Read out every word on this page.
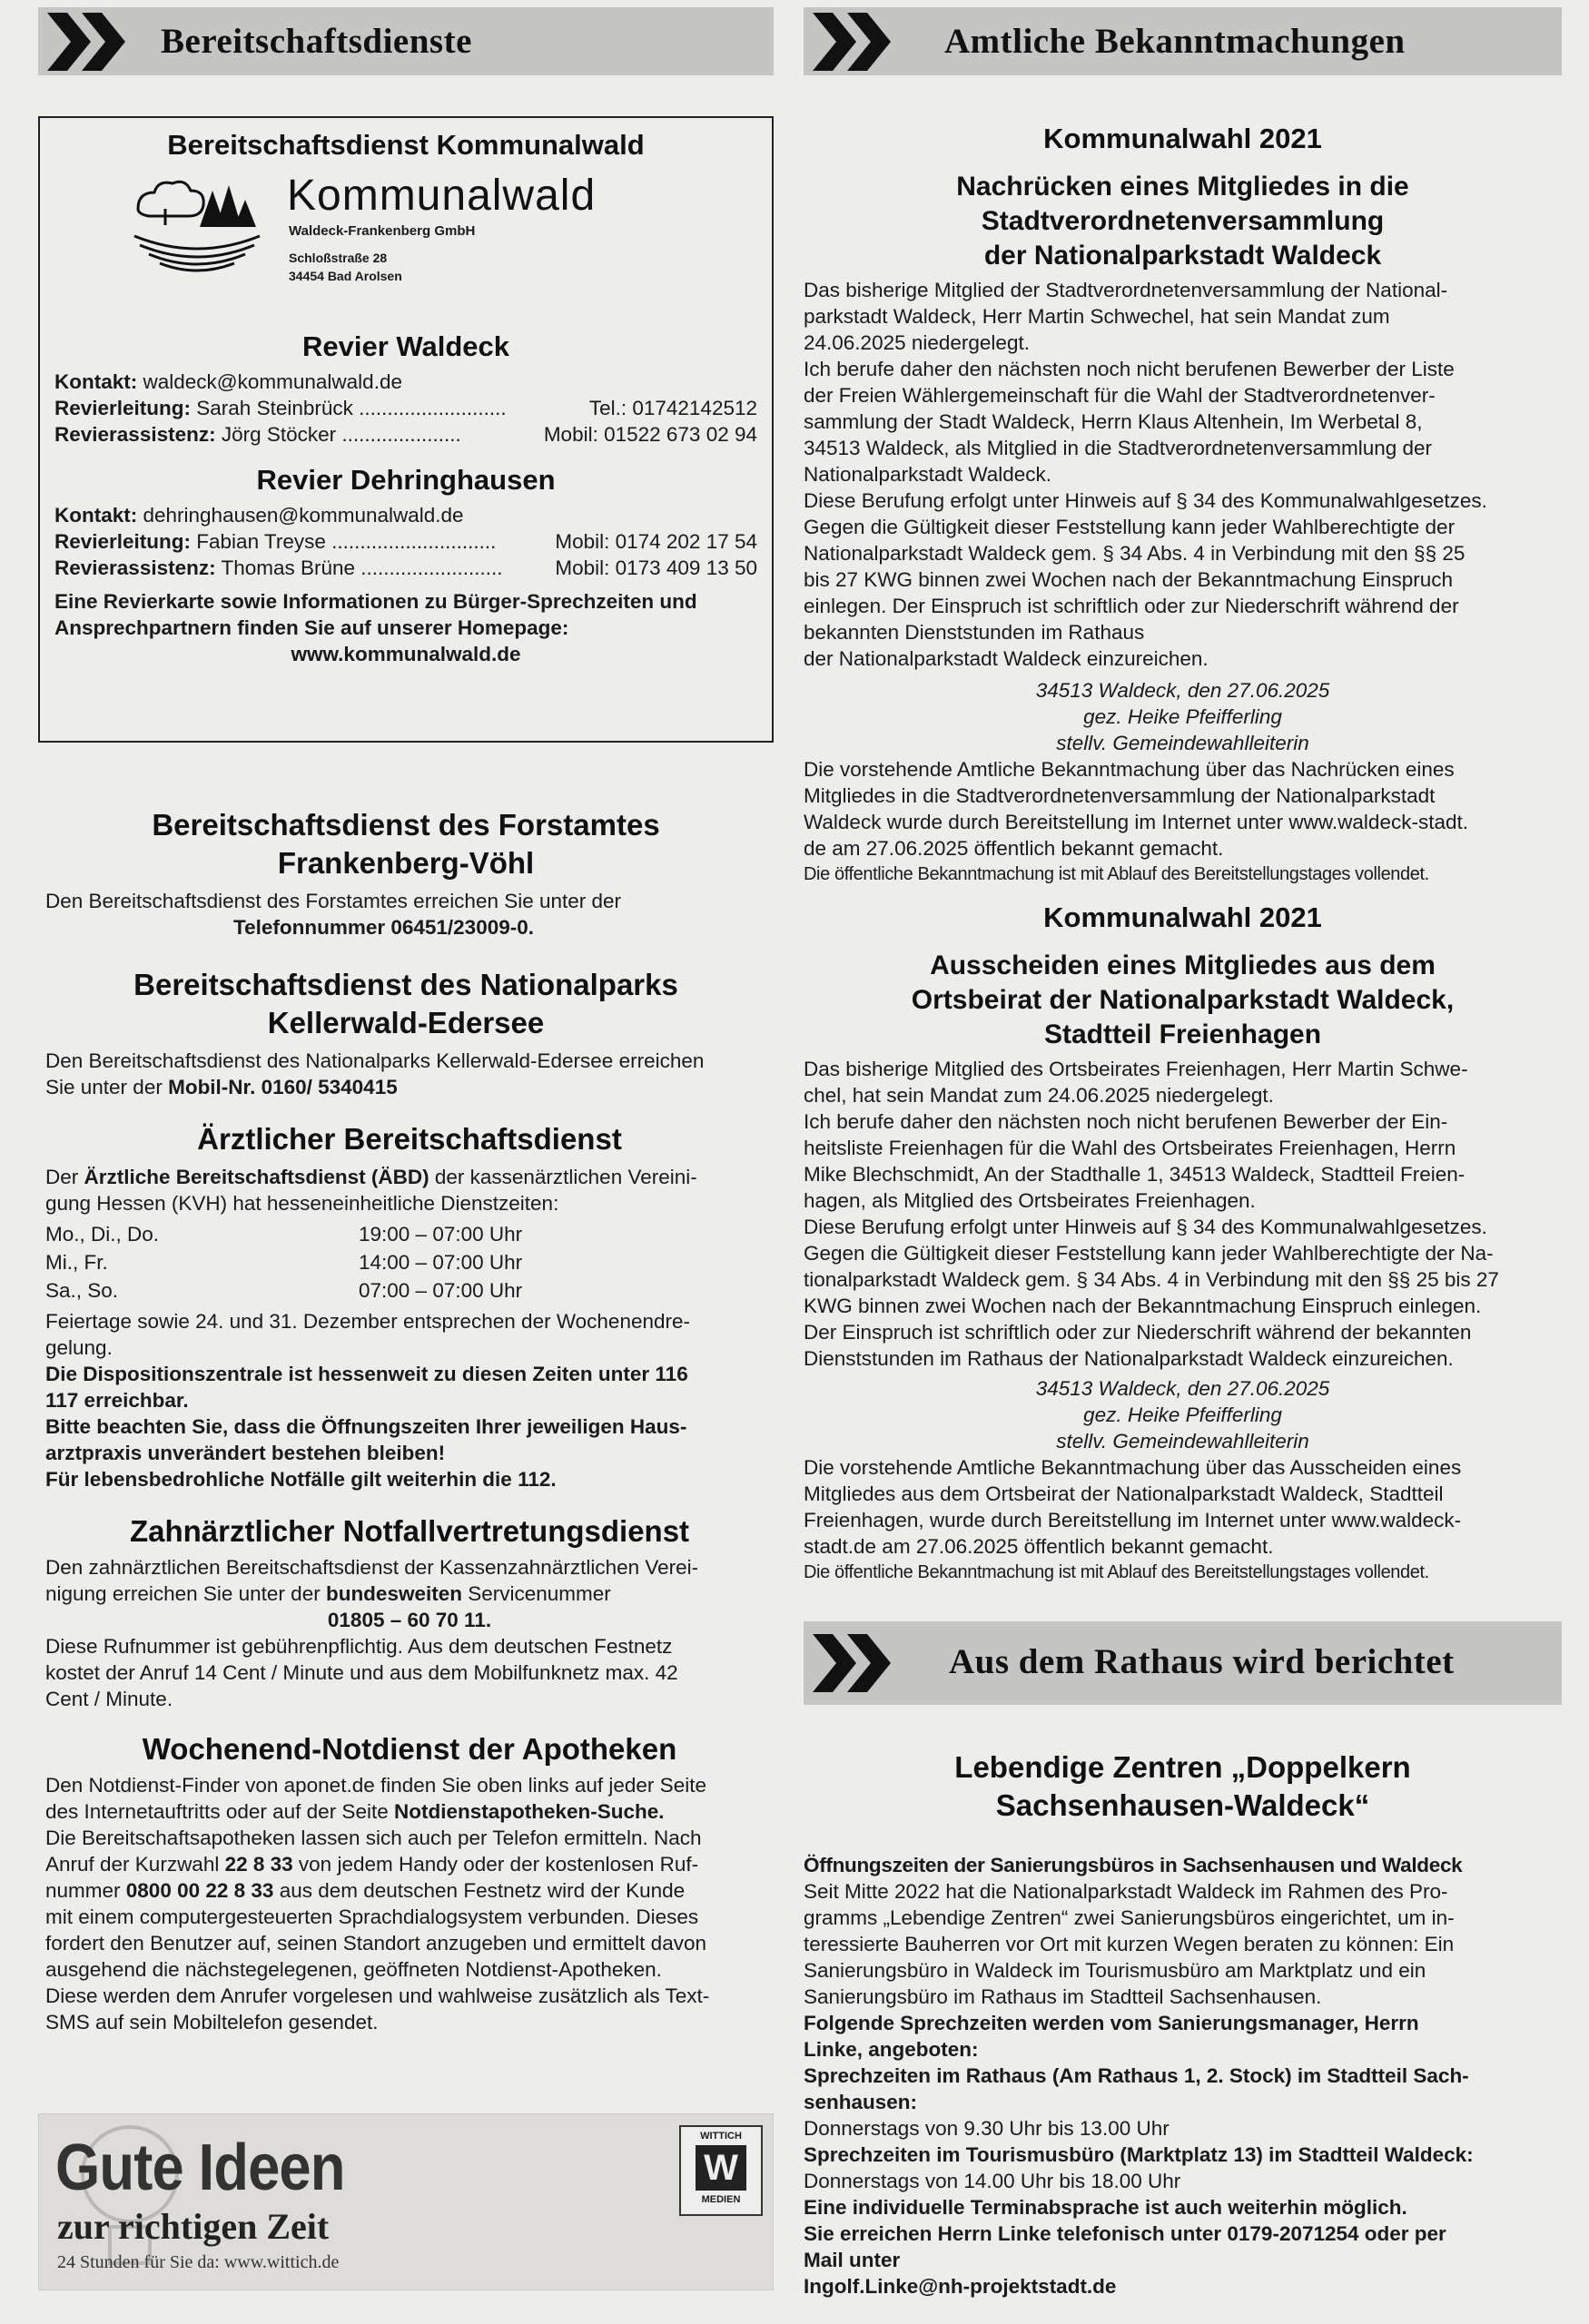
Bereitschaftsdienste
Bereitschaftsdienst Kommunalwald
Kommunalwald
Waldeck-Frankenberg GmbH
Schloßstraße 28
34454 Bad Arolsen
Revier Waldeck
Kontakt: waldeck@kommunalwald.de
Revierleitung: Sarah Steinbrück ..........................	Tel.: 01742142512
Revierassistenz: Jörg Stöcker .....................	Mobil: 01522 673 02 94
Revier Dehringhausen
Kontakt: dehringhausen@kommunalwald.de
Revierleitung: Fabian Treyse .............................	Mobil: 0174 202 17 54
Revierassistenz: Thomas Brüne .........................	Mobil: 0173 409 13 50
Eine Revierkarte sowie Informationen zu Bürger-Sprechzeiten und
Ansprechpartnern finden Sie auf unserer Homepage:
www.kommunalwald.de
Bereitschaftsdienst des Forstamtes
Frankenberg-Vöhl
Den Bereitschaftsdienst des Forstamtes erreichen Sie unter der
Telefonnummer 06451/23009-0.
Bereitschaftsdienst des Nationalparks
Kellerwald-Edersee
Den Bereitschaftsdienst des Nationalparks Kellerwald-Edersee erreichen
Sie unter der Mobil-Nr. 0160/ 5340415
Ärztlicher Bereitschaftsdienst
Der Ärztliche Bereitschaftsdienst (ÄBD) der kassenärztlichen Vereini-
gung Hessen (KVH) hat hesseneinheitliche Dienstzeiten:
Mo., Di., Do.	19:00 – 07:00 Uhr
Mi., Fr.	14:00 – 07:00 Uhr
Sa., So.	07:00 – 07:00 Uhr
Feiertage sowie 24. und 31. Dezember entsprechen der Wochenendre-
gelung.
Die Dispositionszentrale ist hessenweit zu diesen Zeiten unter 116
117 erreichbar.
Bitte beachten Sie, dass die Öffnungszeiten Ihrer jeweiligen Haus-
arztpraxis unverändert bestehen bleiben!
Für lebensbedrohliche Notfälle gilt weiterhin die 112.
Zahnärztlicher Notfallvertretungsdienst
Den zahnärztlichen Bereitschaftsdienst der Kassenzahnärztlichen Verei-
nigung erreichen Sie unter der bundesweiten Servicenummer
01805 – 60 70 11.
Diese Rufnummer ist gebührenpflichtig. Aus dem deutschen Festnetz
kostet der Anruf 14 Cent / Minute und aus dem Mobilfunknetz max. 42
Cent / Minute.
Wochenend-Notdienst der Apotheken
Den Notdienst-Finder von aponet.de finden Sie oben links auf jeder Seite
des Internetauftritts oder auf der Seite Notdienstapotheken-Suche.
Die Bereitschaftsapotheken lassen sich auch per Telefon ermitteln. Nach
Anruf der Kurzwahl 22 8 33 von jedem Handy oder der kostenlosen Ruf-
nummer 0800 00 22 8 33 aus dem deutschen Festnetz wird der Kunde
mit einem computergesteuerten Sprachdialogsystem verbunden. Dieses
fordert den Benutzer auf, seinen Standort anzugeben und ermittelt davon
ausgehend die nächstegelegenen, geöffneten Notdienst-Apotheken.
Diese werden dem Anrufer vorgelesen und wahlweise zusätzlich als Text-
SMS auf sein Mobiltelefon gesendet.
Gute Ideen
zur richtigen Zeit
24 Stunden für Sie da: www.wittich.de
WITTICH
W
MEDIEN
Amtliche Bekanntmachungen
Kommunalwahl 2021
Nachrücken eines Mitgliedes in die
Stadtverordnetenversammlung
der Nationalparkstadt Waldeck
Das bisherige Mitglied der Stadtverordnetenversammlung der National-
parkstadt Waldeck, Herr Martin Schwechel, hat sein Mandat zum
24.06.2025 niedergelegt.
Ich berufe daher den nächsten noch nicht berufenen Bewerber der Liste
der Freien Wählergemeinschaft für die Wahl der Stadtverordnetenver-
sammlung der Stadt Waldeck, Herrn Klaus Altenhein, Im Werbetal 8,
34513 Waldeck, als Mitglied in die Stadtverordnetenversammlung der
Nationalparkstadt Waldeck.
Diese Berufung erfolgt unter Hinweis auf § 34 des Kommunalwahlgesetzes.
Gegen die Gültigkeit dieser Feststellung kann jeder Wahlberechtigte der
Nationalparkstadt Waldeck gem. § 34 Abs. 4 in Verbindung mit den §§ 25
bis 27 KWG binnen zwei Wochen nach der Bekanntmachung Einspruch
einlegen. Der Einspruch ist schriftlich oder zur Niederschrift während der
bekannten Dienststunden im Rathaus
der Nationalparkstadt Waldeck einzureichen.
34513 Waldeck, den 27.06.2025
gez. Heike Pfeifferling
stellv. Gemeindewahlleiterin
Die vorstehende Amtliche Bekanntmachung über das Nachrücken eines
Mitgliedes in die Stadtverordnetenversammlung der Nationalparkstadt
Waldeck wurde durch Bereitstellung im Internet unter www.waldeck-stadt.
de am 27.06.2025 öffentlich bekannt gemacht.
Die öffentliche Bekanntmachung ist mit Ablauf des Bereitstellungstages vollendet.
Kommunalwahl 2021
Ausscheiden eines Mitgliedes aus dem
Ortsbeirat der Nationalparkstadt Waldeck,
Stadtteil Freienhagen
Das bisherige Mitglied des Ortsbeirates Freienhagen, Herr Martin Schwe-
chel, hat sein Mandat zum 24.06.2025 niedergelegt.
Ich berufe daher den nächsten noch nicht berufenen Bewerber der Ein-
heitsliste Freienhagen für die Wahl des Ortsbeirates Freienhagen, Herrn
Mike Blechschmidt, An der Stadthalle 1, 34513 Waldeck, Stadtteil Freien-
hagen, als Mitglied des Ortsbeirates Freienhagen.
Diese Berufung erfolgt unter Hinweis auf § 34 des Kommunalwahlgesetzes.
Gegen die Gültigkeit dieser Feststellung kann jeder Wahlberechtigte der Na-
tionalparkstadt Waldeck gem. § 34 Abs. 4 in Verbindung mit den §§ 25 bis 27
KWG binnen zwei Wochen nach der Bekanntmachung Einspruch einlegen.
Der Einspruch ist schriftlich oder zur Niederschrift während der bekannten
Dienststunden im Rathaus der Nationalparkstadt Waldeck einzureichen.
34513 Waldeck, den 27.06.2025
gez. Heike Pfeifferling
stellv. Gemeindewahlleiterin
Die vorstehende Amtliche Bekanntmachung über das Ausscheiden eines
Mitgliedes aus dem Ortsbeirat der Nationalparkstadt Waldeck, Stadtteil
Freienhagen, wurde durch Bereitstellung im Internet unter www.waldeck-
stadt.de am 27.06.2025 öffentlich bekannt gemacht.
Die öffentliche Bekanntmachung ist mit Ablauf des Bereitstellungstages vollendet.
Aus dem Rathaus wird berichtet
Lebendige Zentren „Doppelkern
Sachsenhausen-Waldeck“
Öffnungszeiten der Sanierungsbüros in Sachsenhausen und Waldeck
Seit Mitte 2022 hat die Nationalparkstadt Waldeck im Rahmen des Pro-
gramms „Lebendige Zentren“ zwei Sanierungsbüros eingerichtet, um in-
teressierte Bauherren vor Ort mit kurzen Wegen beraten zu können: Ein
Sanierungsbüro in Waldeck im Tourismusbüro am Marktplatz und ein
Sanierungsbüro im Rathaus im Stadtteil Sachsenhausen.
Folgende Sprechzeiten werden vom Sanierungsmanager, Herrn
Linke, angeboten:
Sprechzeiten im Rathaus (Am Rathaus 1, 2. Stock) im Stadtteil Sach-
senhausen:
Donnerstags von 9.30 Uhr bis 13.00 Uhr
Sprechzeiten im Tourismusbüro (Marktplatz 13) im Stadtteil Waldeck:
Donnerstags von 14.00 Uhr bis 18.00 Uhr
Eine individuelle Terminabsprache ist auch weiterhin möglich.
Sie erreichen Herrn Linke telefonisch unter 0179-2071254 oder per
Mail unter
Ingolf.Linke@nh-projektstadt.de
